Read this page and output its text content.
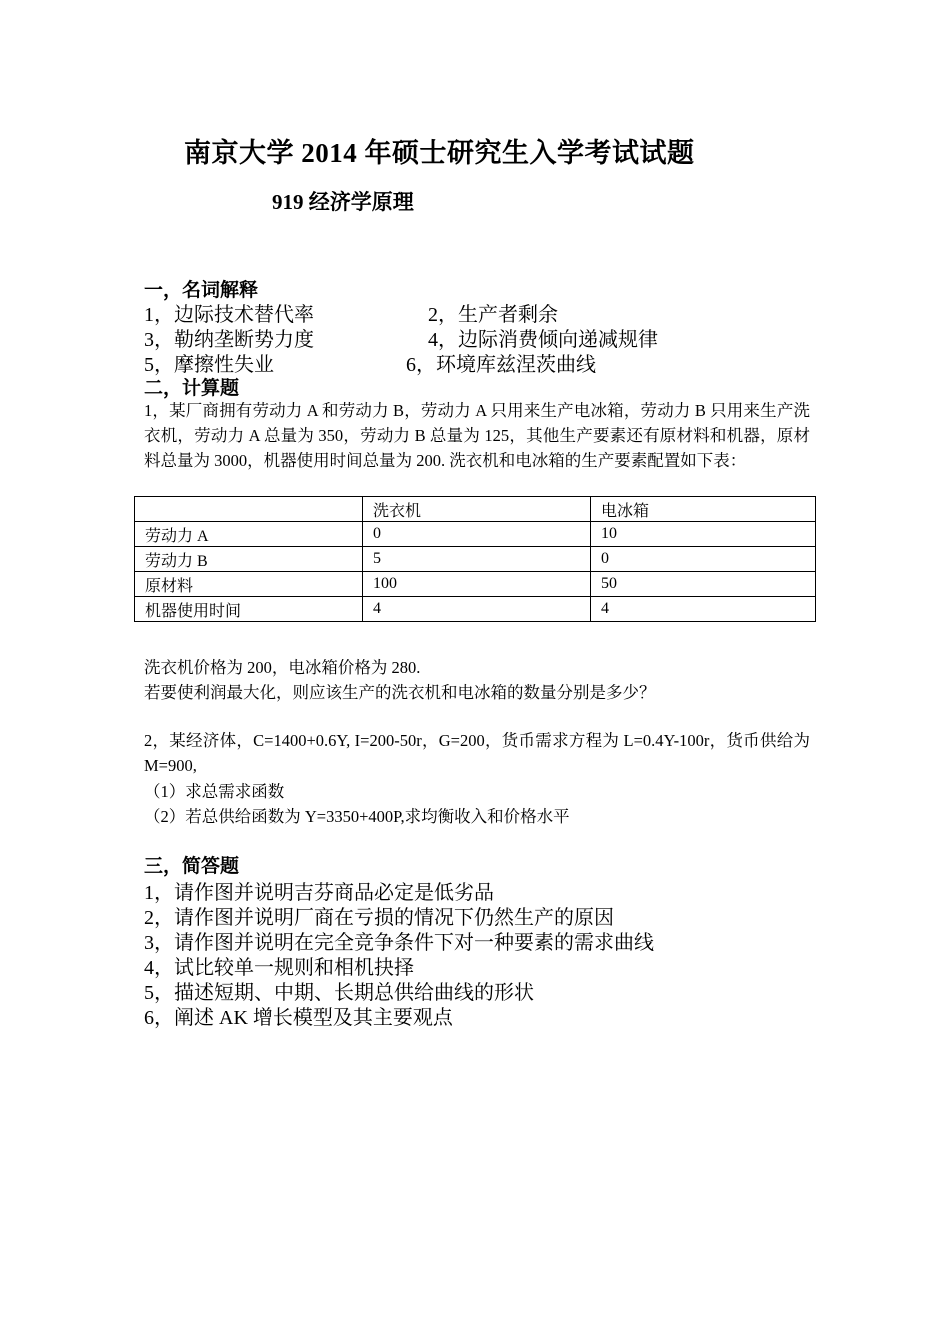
南京大学 2014 年硕士研究生入学考试试题
919 经济学原理
一，名词解释
1，边际技术替代率	2，生产者剩余
3，勒纳垄断势力度	4，边际消费倾向递减规律
5，摩擦性失业	6，环境库兹涅茨曲线
二，计算题
1，某厂商拥有劳动力 A 和劳动力 B，劳动力 A 只用来生产电冰箱，劳动力 B 只用来生产洗衣机，劳动力 A 总量为 350，劳动力 B 总量为 125，其他生产要素还有原材料和机器，原材料总量为 3000，机器使用时间总量为 200. 洗衣机和电冰箱的生产要素配置如下表：
	洗衣机	电冰箱
劳动力 A	0	10
劳动力 B	5	0
原材料	100	50
机器使用时间	4	4
洗衣机价格为 200，电冰箱价格为 280.
若要使利润最大化，则应该生产的洗衣机和电冰箱的数量分别是多少？
2，某经济体，C=1400+0.6Y, I=200-50r，G=200，货币需求方程为 L=0.4Y-100r，货币供给为 M=900,
（1）求总需求函数
（2）若总供给函数为 Y=3350+400P,求均衡收入和价格水平
三，简答题
1，请作图并说明吉芬商品必定是低劣品
2，请作图并说明厂商在亏损的情况下仍然生产的原因
3，请作图并说明在完全竞争条件下对一种要素的需求曲线
4，试比较单一规则和相机抉择
5，描述短期、中期、长期总供给曲线的形状
6，阐述 AK 增长模型及其主要观点
